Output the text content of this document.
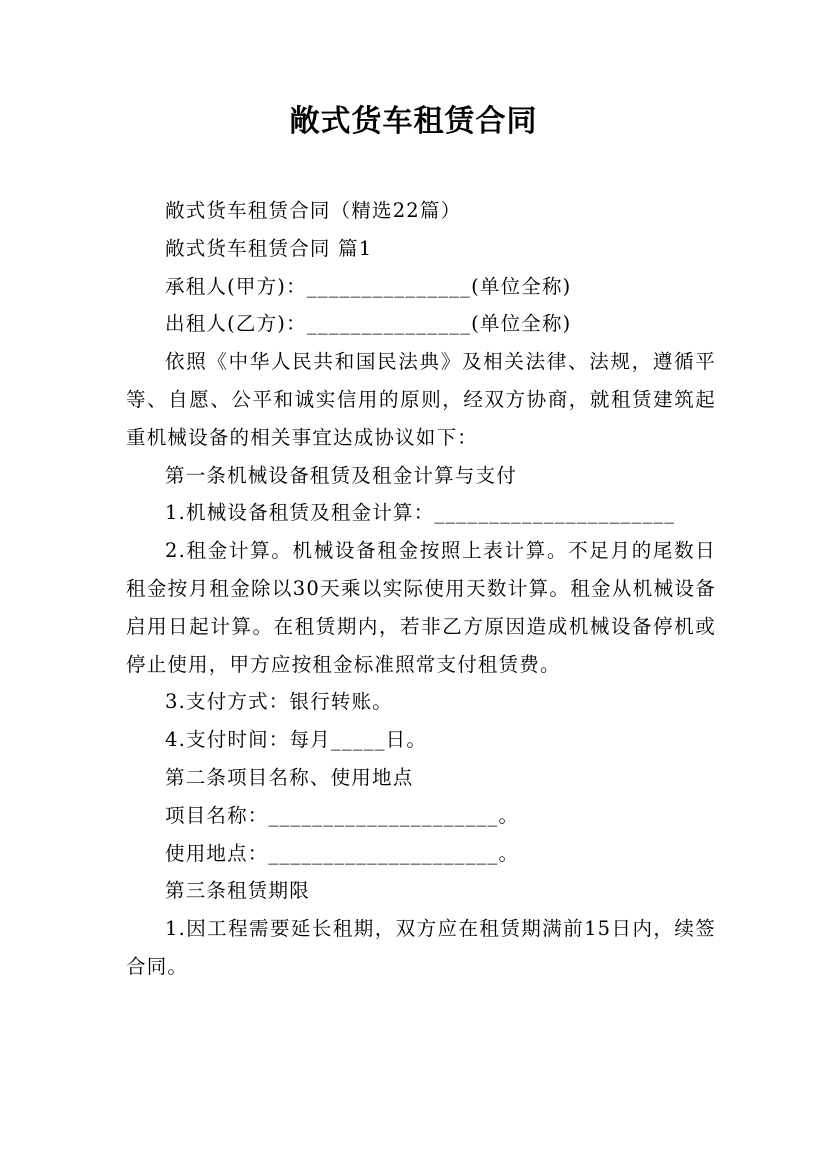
敞式货车租赁合同

敞式货车租赁合同（精选22篇）

敞式货车租赁合同 篇1

承租人(甲方)：_______________(单位全称)

出租人(乙方)：_______________(单位全称)

依照《中华人民共和国民法典》及相关法律、法规，遵循平等、自愿、公平和诚实信用的原则，经双方协商，就租赁建筑起重机械设备的相关事宜达成协议如下：

第一条机械设备租赁及租金计算与支付

1.机械设备租赁及租金计算：______________________

2.租金计算。机械设备租金按照上表计算。不足月的尾数日租金按月租金除以30天乘以实际使用天数计算。租金从机械设备启用日起计算。在租赁期内，若非乙方原因造成机械设备停机或停止使用，甲方应按租金标准照常支付租赁费。

3.支付方式：银行转账。

4.支付时间：每月_____日。

第二条项目名称、使用地点

项目名称：_____________________。

使用地点：_____________________。

第三条租赁期限

1.因工程需要延长租期，双方应在租赁期满前15日内，续签合同。
